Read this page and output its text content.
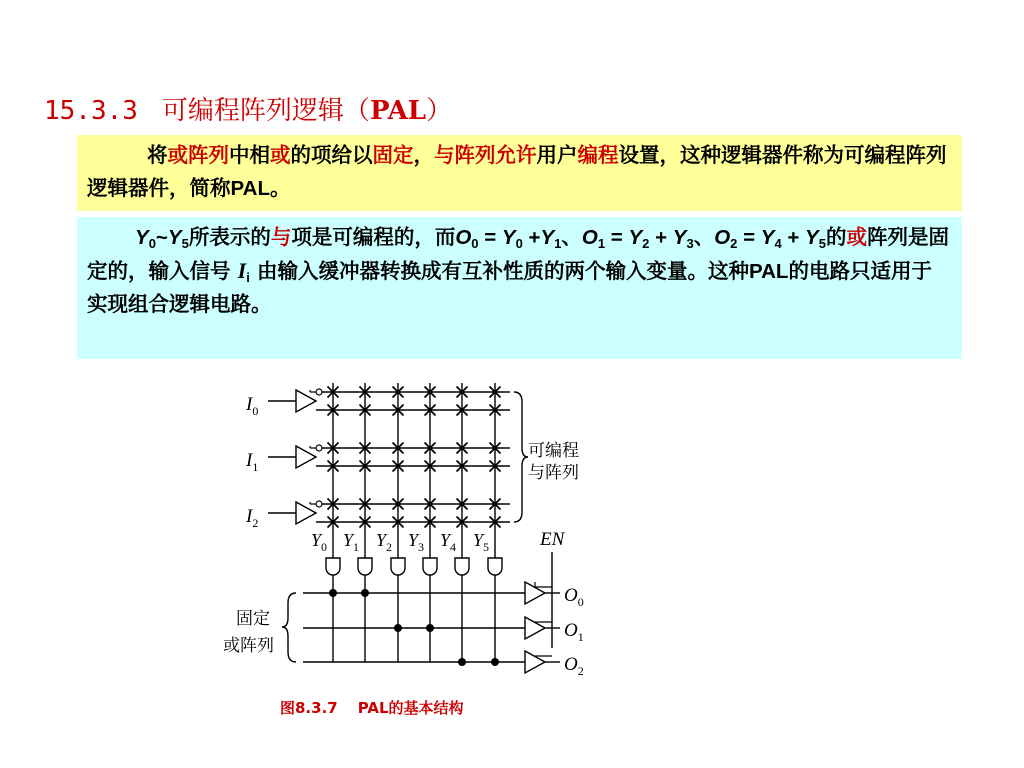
15.3.3 可编程阵列逻辑（PAL）
将或阵列中相或的项给以固定，与阵列允许用户编程设置，这种逻辑器件称为可编程阵列逻辑器件，简称PAL。
$Y_0\sim Y_5$所表示的与项是可编程的，而$O_0 = Y_0 +Y_1$、$O_1 = Y_2 + Y_3$、$O_2 = Y_4 + Y_5$的或阵列是固定的，输入信号 $I_i$ 由输入缓冲器转换成有互补性质的两个输入变量。这种PAL的电路只适用于实现组合逻辑电路。
$I_0$
$I_1$
$I_2$
可编程
与阵列
$Y_0$ $Y_1$ $Y_2$ $Y_3$ $Y_4$ $Y_5$
固定
或阵列
$O_0$
$O_1$
$O_2$
EN
图8.3.7 PAL的基本结构
